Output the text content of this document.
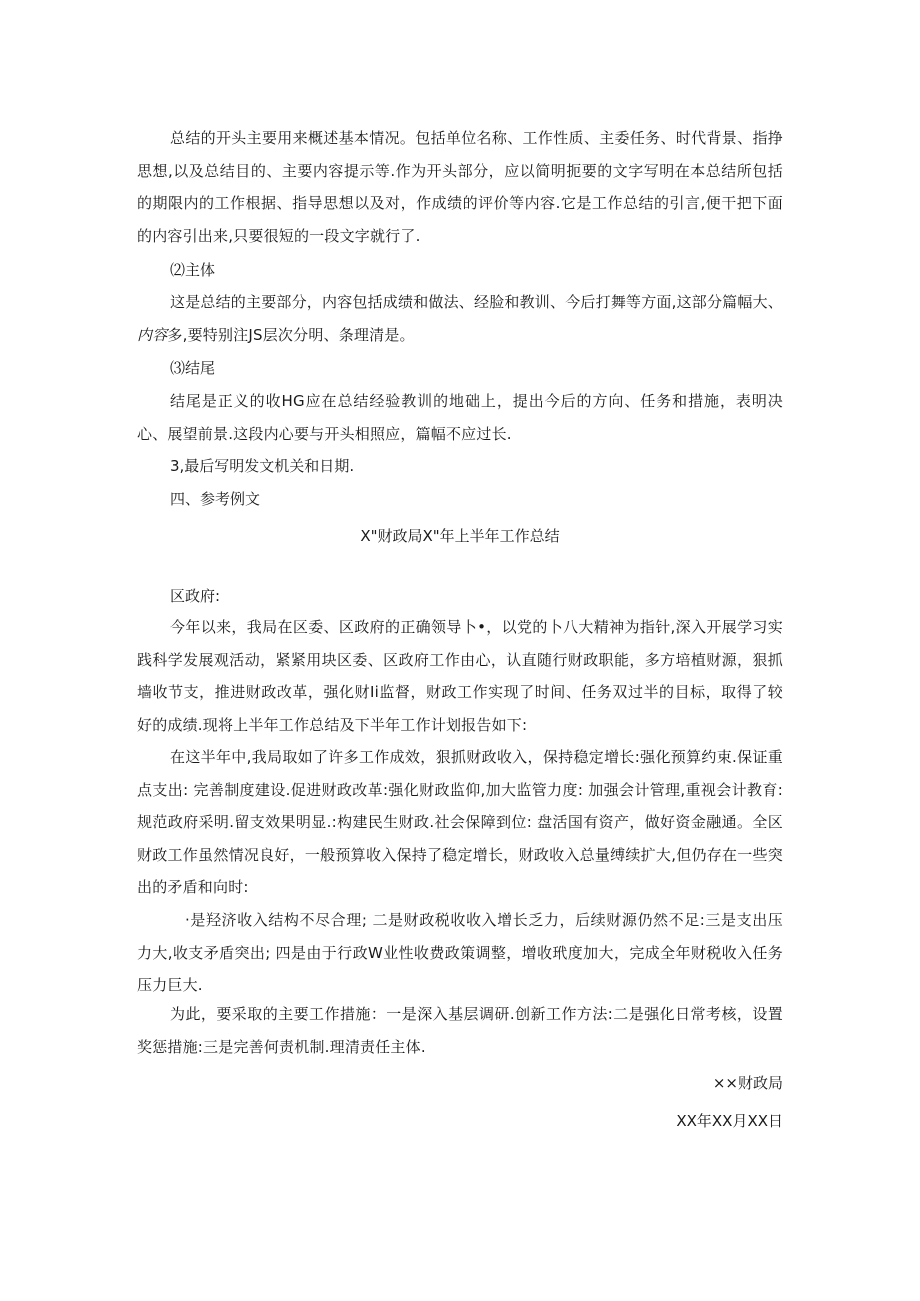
总结的开头主要用来概述基本情况。包括单位名称、工作性质、主委任务、时代背景、指挣思想,以及总结目的、主要内容提示等.作为开头部分，应以简明扼要的文字写明在本总结所包括的期限内的工作根据、指导思想以及对，作成绩的评价等内容.它是工作总结的引言,便干把下面的内容引出来,只要很短的一段文字就行了.
⑵主体
这是总结的主要部分，内容包括成绩和做法、经脸和教训、今后打舞等方面,这部分篇幅大、内容多,要特别注JS层次分明、条理清是。
⑶结尾
结尾是正义的收HG应在总结经验教训的地础上，提出今后的方向、任务和措施，表明决心、展望前景.这段内心要与开头相照应，篇幅不应过长.
3,最后写明发文机关和日期.
四、参考例文
X"财政局X"年上半年工作总结
区政府:
今年以来，我局在区委、区政府的正确领导卜•，以党的卜八大精神为指针,深入开展学习实践科学发展观活动，紧紧用块区委、区政府工作由心，认直随行财政职能，多方培植财源，狠抓墙收节支，推进财政改革，强化财Ii监督，财政工作实现了时间、任务双过半的目标，取得了较好的成绩.现将上半年工作总结及下半年工作计划报告如下:
在这半年中,我局取如了许多工作成效，狠抓财政收入，保持稳定增长:强化预算约束.保证重点支出: 完善制度建设.促进财政改革:强化财政监仰,加大监管力度: 加强会计管理,重视会计教育:规范政府采明.留支效果明显.:构建民生财政.社会保障到位: 盘活国有资产，做好资金融通。全区财政工作虽然情况良好，一般预算收入保持了稳定增长，财政收入总量缚续扩大,但仍存在一些突出的矛盾和向时:
·是羟济收入结构不尽合理; 二是财政税收收入增长乏力，后续财源仍然不足:三是支出压力大,收支矛盾突出; 四是由于行政W业性收费政策调整，增收玳度加大，完成全年财税收入任务压力巨大.
为此，要采取的主要工作措施：一是深入基层调研.创新工作方法:二是强化日常考核，设置奖惩措施:三是完善何责机制.理清责任主体.
××财政局
XX年XX月XX日
